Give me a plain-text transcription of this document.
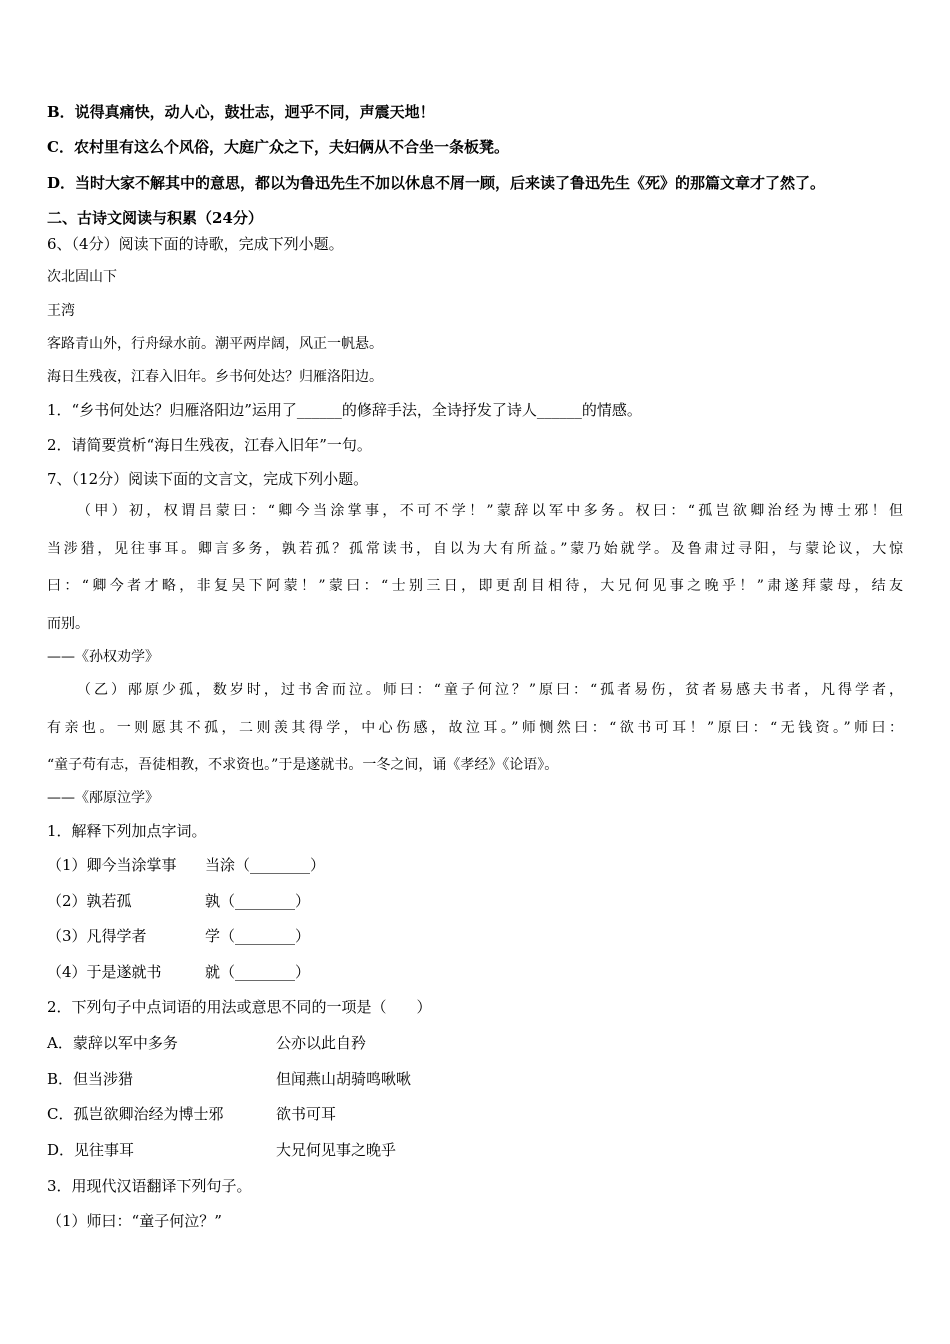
B．说得真痛快，动人心，鼓壮志，迥乎不同，声震天地！
C．农村里有这么个风俗，大庭广众之下，夫妇俩从不合坐一条板凳。
D．当时大家不解其中的意思，都以为鲁迅先生不加以休息不屑一顾，后来读了鲁迅先生《死》的那篇文章才了然了。
二、古诗文阅读与积累（24分）
6、（4分）阅读下面的诗歌，完成下列小题。
次北固山下
王湾
客路青山外，行舟绿水前。潮平两岸阔，风正一帆悬。
海日生残夜，江春入旧年。乡书何处达？归雁洛阳边。
1．“乡书何处达？归雁洛阳边”运用了______的修辞手法，全诗抒发了诗人______的情感。
2．请简要赏析“海日生残夜，江春入旧年”一句。
7、（12分）阅读下面的文言文，完成下列小题。
（甲）初，权谓吕蒙曰：“卿今当涂掌事，不可不学！”蒙辞以军中多务。权曰：“孤岂欲卿治经为博士邪！但
当涉猎，见往事耳。卿言多务，孰若孤？孤常读书，自以为大有所益。”蒙乃始就学。及鲁肃过寻阳，与蒙论议，大惊
曰：“卿今者才略，非复吴下阿蒙！”蒙曰：“士别三日，即更刮目相待，大兄何见事之晚乎！”肃遂拜蒙母，结友
而别。
——《孙权劝学》
（乙）邴原少孤，数岁时，过书舍而泣。师曰：“童子何泣？”原曰：“孤者易伤，贫者易感夫书者，凡得学者，
有亲也。一则愿其不孤，二则羡其得学，中心伤感，故泣耳。”师恻然曰：“欲书可耳！”原曰：“无钱资。”师曰：
“童子苟有志，吾徒相教，不求资也。”于是遂就书。一冬之间，诵《孝经》《论语》。
——《邴原泣学》
1．解释下列加点字词。
（1）卿今当涂掌事 当涂（________）
（2）孰若孤	孰（________）
（3）凡得学者	学（________）
（4）于是遂就书	就（________）
2．下列句子中点词语的用法或意思不同的一项是（　　）
A．蒙辞以军中多务	公亦以此自矜
B．但当涉猎	但闻燕山胡骑鸣啾啾
C．孤岂欲卿治经为博士邪	欲书可耳
D．见往事耳	大兄何见事之晚乎
3．用现代汉语翻译下列句子。
（1）师曰：“童子何泣？”
